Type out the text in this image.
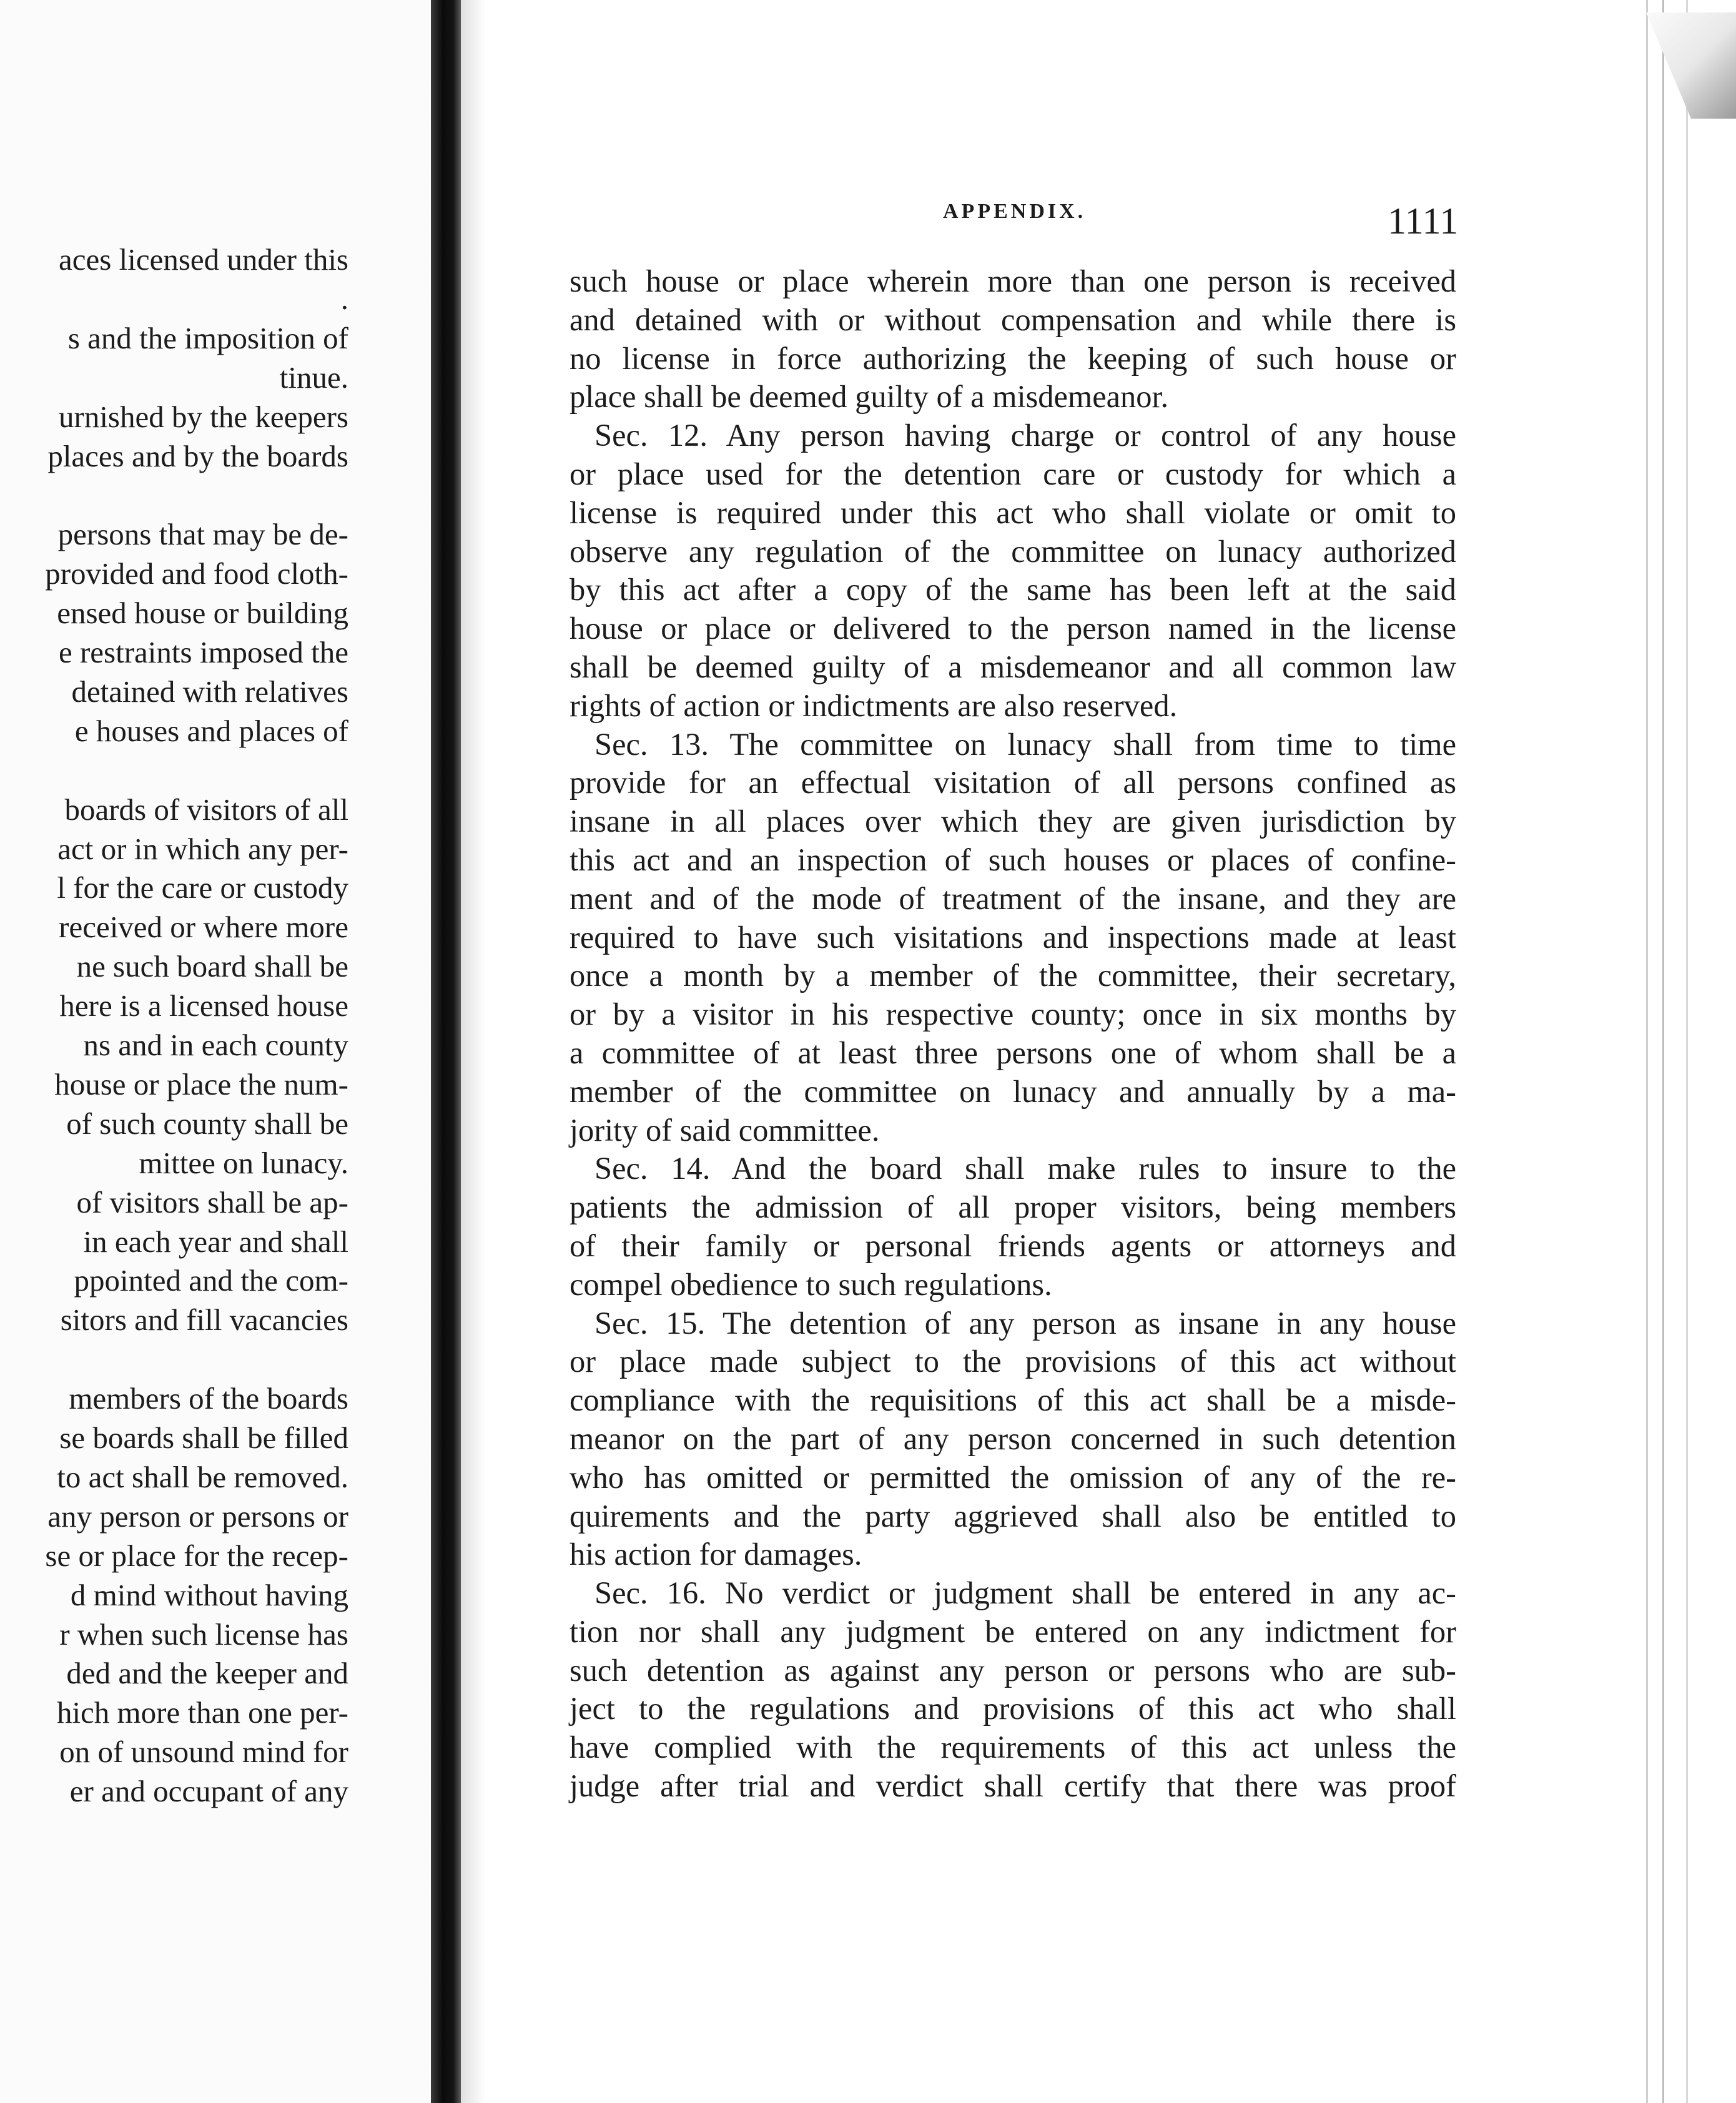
aces licensed under this
.
s and the imposition of
tinue.
urnished by the keepers
places and by the boards
persons that may be de-
provided and food cloth-
ensed house or building
e restraints imposed the
detained with relatives
e houses and places of
boards of visitors of all
act or in which any per-
l for the care or custody
received or where more
ne such board shall be
here is a licensed house
ns and in each county
house or place the num-
of such county shall be
mittee on lunacy.
of visitors shall be ap-
in each year and shall
ppointed and the com-
sitors and fill vacancies
members of the boards
se boards shall be filled
to act shall be removed.
any person or persons or
se or place for the recep-
d mind without having
r when such license has
ded and the keeper and
hich more than one per-
on of unsound mind for
er and occupant of any
APPENDIX.	1111
such house or place wherein more than one person is received
and detained with or without compensation and while there is
no license in force authorizing the keeping of such house or
place shall be deemed guilty of a misdemeanor.
Sec. 12. Any person having charge or control of any house
or place used for the detention care or custody for which a
license is required under this act who shall violate or omit to
observe any regulation of the committee on lunacy authorized
by this act after a copy of the same has been left at the said
house or place or delivered to the person named in the license
shall be deemed guilty of a misdemeanor and all common law
rights of action or indictments are also reserved.
Sec. 13. The committee on lunacy shall from time to time
provide for an effectual visitation of all persons confined as
insane in all places over which they are given jurisdiction by
this act and an inspection of such houses or places of confine-
ment and of the mode of treatment of the insane, and they are
required to have such visitations and inspections made at least
once a month by a member of the committee, their secretary,
or by a visitor in his respective county; once in six months by
a committee of at least three persons one of whom shall be a
member of the committee on lunacy and annually by a ma-
jority of said committee.
Sec. 14. And the board shall make rules to insure to the
patients the admission of all proper visitors, being members
of their family or personal friends agents or attorneys and
compel obedience to such regulations.
Sec. 15. The detention of any person as insane in any house
or place made subject to the provisions of this act without
compliance with the requisitions of this act shall be a misde-
meanor on the part of any person concerned in such detention
who has omitted or permitted the omission of any of the re-
quirements and the party aggrieved shall also be entitled to
his action for damages.
Sec. 16. No verdict or judgment shall be entered in any ac-
tion nor shall any judgment be entered on any indictment for
such detention as against any person or persons who are sub-
ject to the regulations and provisions of this act who shall
have complied with the requirements of this act unless the
judge after trial and verdict shall certify that there was proof
